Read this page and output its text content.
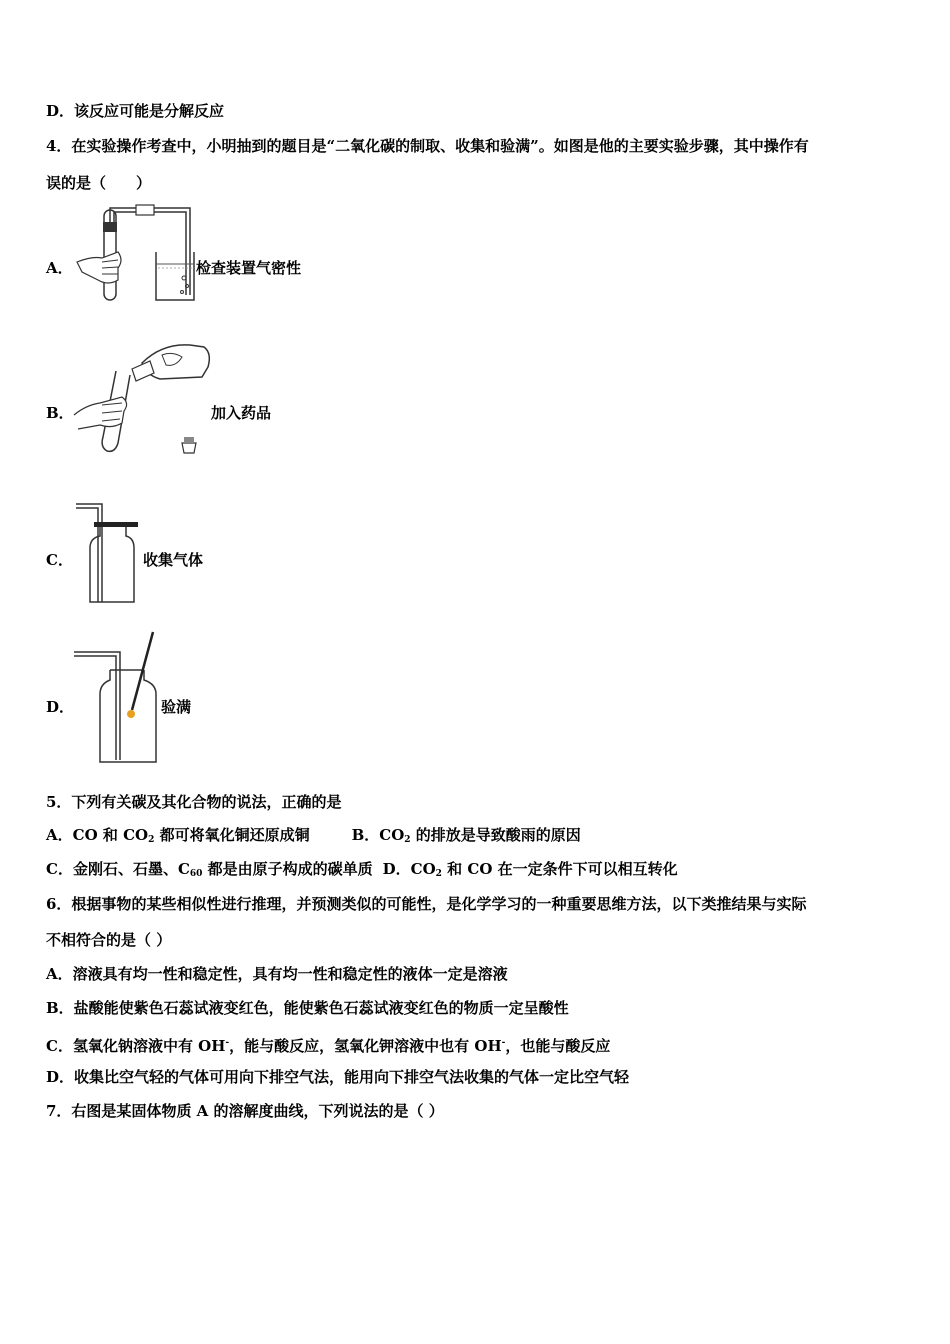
D．该反应可能是分解反应
4．在实验操作考查中，小明抽到的题目是“二氧化碳的制取、收集和验满”。如图是他的主要实验步骤，其中操作有
误的是（　　）
A．	检查装置气密性
B．	加入药品
C．	收集气体
D．	验满
5．下列有关碳及其化合物的说法，正确的是
A．CO 和 $CO_2$ 都可将氧化铜还原成铜	B．$CO_2$ 的排放是导致酸雨的原因
C．金刚石、石墨、$C_{60}$ 都是由原子构成的碳单质 D．$CO_2$ 和 CO 在一定条件下可以相互转化
6．根据事物的某些相似性进行推理，并预测类似的可能性，是化学学习的一种重要思维方法，以下类推结果与实际
不相符合的是（ ）
A．溶液具有均一性和稳定性，具有均一性和稳定性的液体一定是溶液
B．盐酸能使紫色石蕊试液变红色，能使紫色石蕊试液变红色的物质一定呈酸性
C．氢氧化钠溶液中有 OH-，能与酸反应，氢氧化钾溶液中也有 OH-，也能与酸反应
D．收集比空气轻的气体可用向下排空气法，能用向下排空气法收集的气体一定比空气轻
7．右图是某固体物质 A 的溶解度曲线，下列说法的是（ ）
